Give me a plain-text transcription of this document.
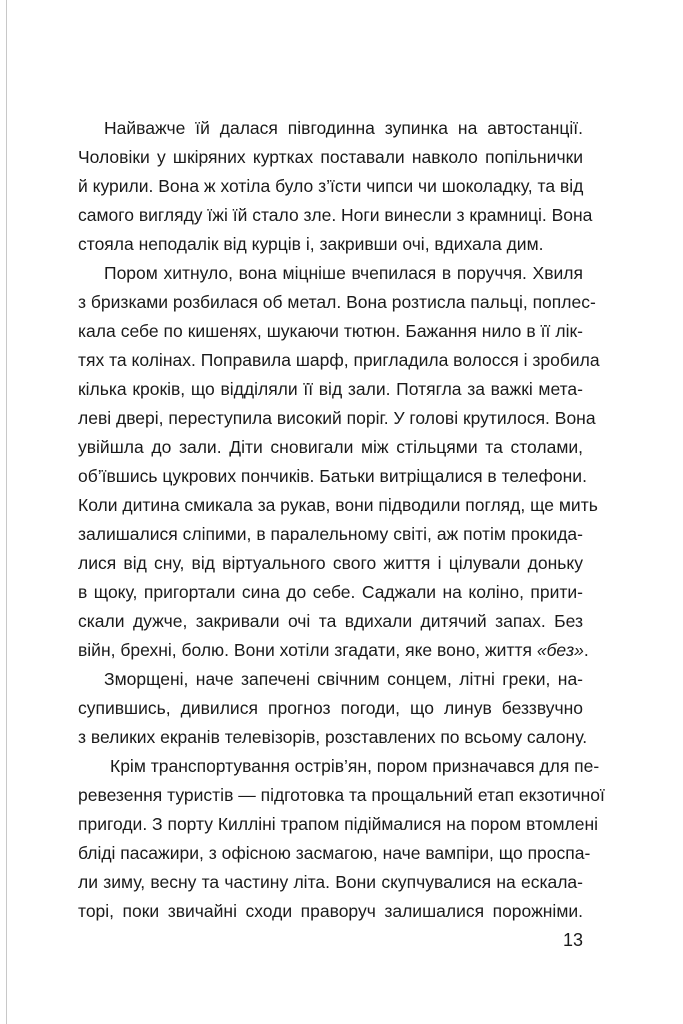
Найважче їй далася півгодинна зупинка на автостанції.
Чоловіки у шкіряних куртках поставали навколо попільнички
й курили. Вона ж хотіла було з’їсти чипси чи шоколадку, та від
самого вигляду їжі їй стало зле. Ноги винесли з крамниці. Вона
стояла неподалік від курців і, закривши очі, вдихала дим.
Пором хитнуло, вона міцніше вчепилася в поруччя. Хвиля
з бризками розбилася об метал. Вона розтисла пальці, поплес-
кала себе по кишенях, шукаючи тютюн. Бажання нило в її лік-
тях та колінах. Поправила шарф, пригладила волосся і зробила
кілька кроків, що відділяли її від зали. Потягла за важкі мета-
леві двері, переступила високий поріг. У голові крутилося. Вона
увійшла до зали. Діти сновигали між стільцями та столами,
об’ївшись цукрових пончиків. Батьки витріщалися в телефони.
Коли дитина смикала за рукав, вони підводили погляд, ще мить
залишалися сліпими, в паралельному світі, аж потім прокида-
лися від сну, від віртуального свого життя і цілували доньку
в щоку, пригортали сина до себе. Саджали на коліно, прити-
скали дужче, закривали очі та вдихали дитячий запах. Без
війн, брехні, болю. Вони хотіли згадати, яке воно, життя «без».
Зморщені, наче запечені свічним сонцем, літні греки, на-
супившись, дивилися прогноз погоди, що линув беззвучно
з великих екранів телевізорів, розставлених по всьому салону.
Крім транспортування острів’ян, пором призначався для пе-
ревезення туристів — підготовка та прощальний етап екзотичної
пригоди. З порту Килліні трапом підіймалися на пором втомлені
бліді пасажири, з офісною засмагою, наче вампіри, що проспа-
ли зиму, весну та частину літа. Вони скупчувалися на ескала-
торі, поки звичайні сходи праворуч залишалися порожніми.
13
